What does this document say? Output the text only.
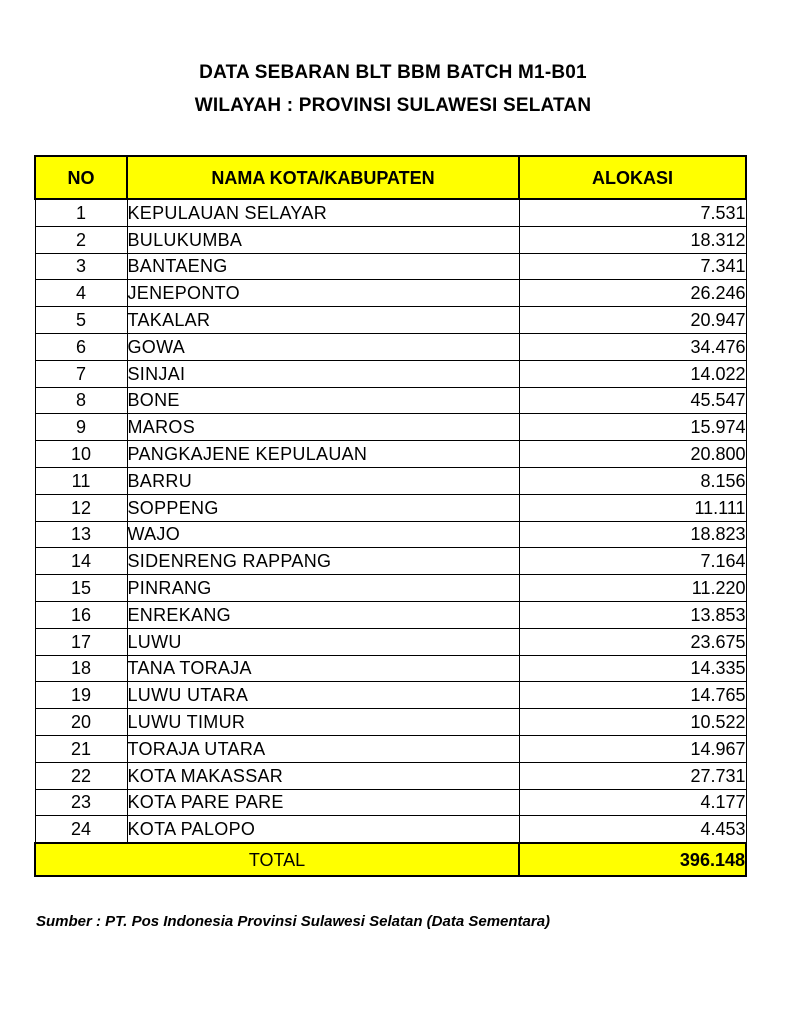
DATA SEBARAN BLT BBM BATCH M1-B01
WILAYAH : PROVINSI SULAWESI SELATAN
NO	NAMA KOTA/KABUPATEN	ALOKASI
1	KEPULAUAN SELAYAR	7.531
2	BULUKUMBA	18.312
3	BANTAENG	7.341
4	JENEPONTO	26.246
5	TAKALAR	20.947
6	GOWA	34.476
7	SINJAI	14.022
8	BONE	45.547
9	MAROS	15.974
10	PANGKAJENE KEPULAUAN	20.800
11	BARRU	8.156
12	SOPPENG	11.111
13	WAJO	18.823
14	SIDENRENG RAPPANG	7.164
15	PINRANG	11.220
16	ENREKANG	13.853
17	LUWU	23.675
18	TANA TORAJA	14.335
19	LUWU UTARA	14.765
20	LUWU TIMUR	10.522
21	TORAJA UTARA	14.967
22	KOTA MAKASSAR	27.731
23	KOTA PARE PARE	4.177
24	KOTA PALOPO	4.453
TOTAL		396.148
Sumber : PT. Pos Indonesia Provinsi Sulawesi Selatan (Data Sementara)
